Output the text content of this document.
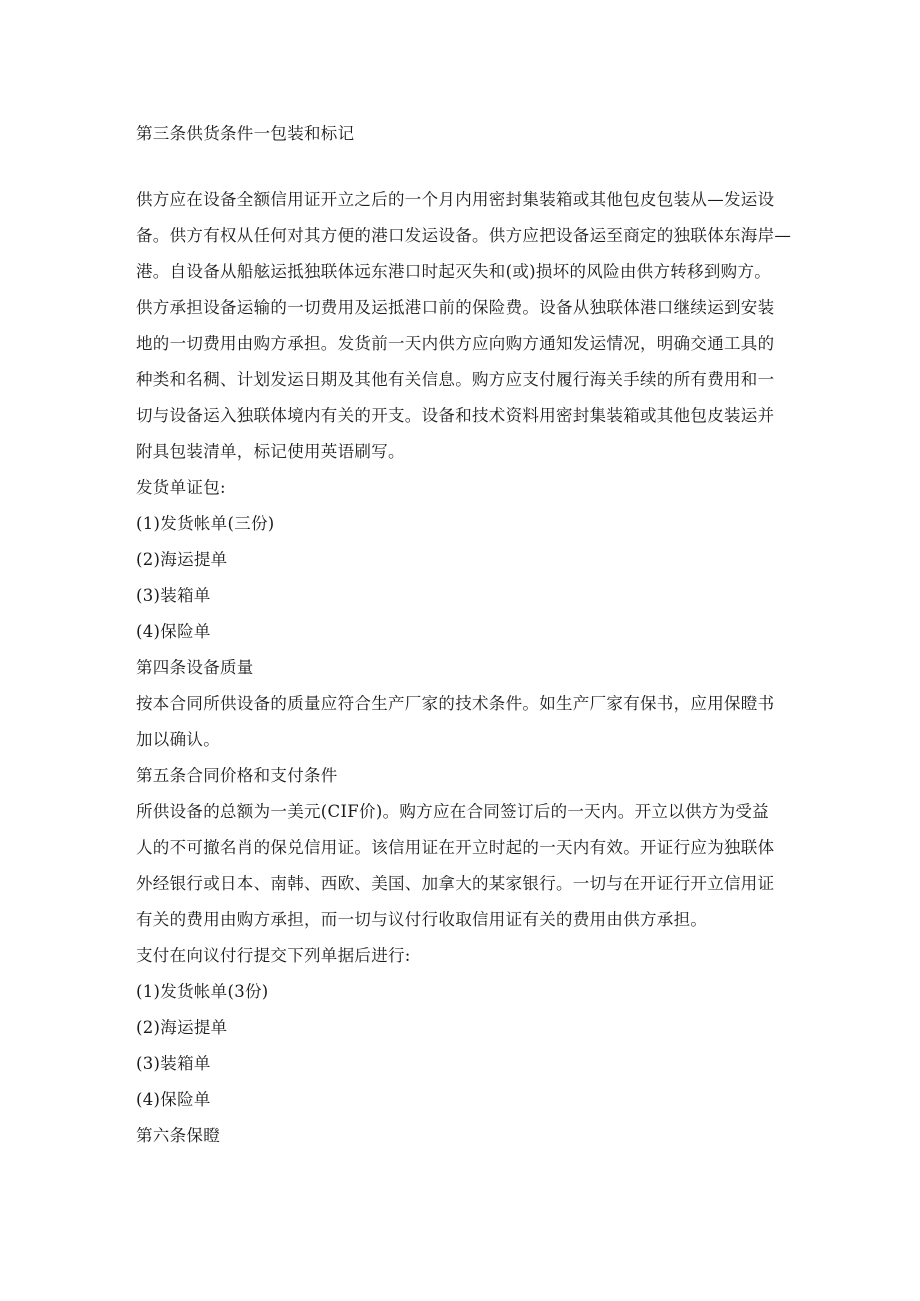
第三条供货条件一包装和标记
供方应在设备全额信用证开立之后的一个月内用密封集装箱或其他包皮包装从—发运设
备。供方有权从任何对其方便的港口发运设备。供方应把设备运至商定的独联体东海岸—
港。自设备从船舷运抵独联体远东港口时起灭失和(或)损坏的风险由供方转移到购方。
供方承担设备运输的一切费用及运抵港口前的保险费。设备从独联体港口继续运到安装
地的一切费用由购方承担。发货前一天内供方应向购方通知发运情况，明确交通工具的
种类和名稠、计划发运日期及其他有关信息。购方应支付履行海关手续的所有费用和一
切与设备运入独联体境内有关的开支。设备和技术资料用密封集装箱或其他包皮装运并
附具包装清单，标记使用英语刷写。
发货单证包:
(1)发货帐单(三份)
(2)海运提单
(3)装箱单
(4)保险单
第四条设备质量
按本合同所供设备的质量应符合生产厂家的技术条件。如生产厂家有保书，应用保瞪书
加以确认。
第五条合同价格和支付条件
所供设备的总额为一美元(CIF价)。购方应在合同签订后的一天内。开立以供方为受益
人的不可撤名肖的保兑信用证。该信用证在开立时起的一天内有效。开证行应为独联体
外经银行或日本、南韩、西欧、美国、加拿大的某家银行。一切与在开证行开立信用证
有关的费用由购方承担，而一切与议付行收取信用证有关的费用由供方承担。
支付在向议付行提交下列单据后进行:
(1)发货帐单(3份)
(2)海运提单
(3)装箱单
(4)保险单
第六条保瞪
